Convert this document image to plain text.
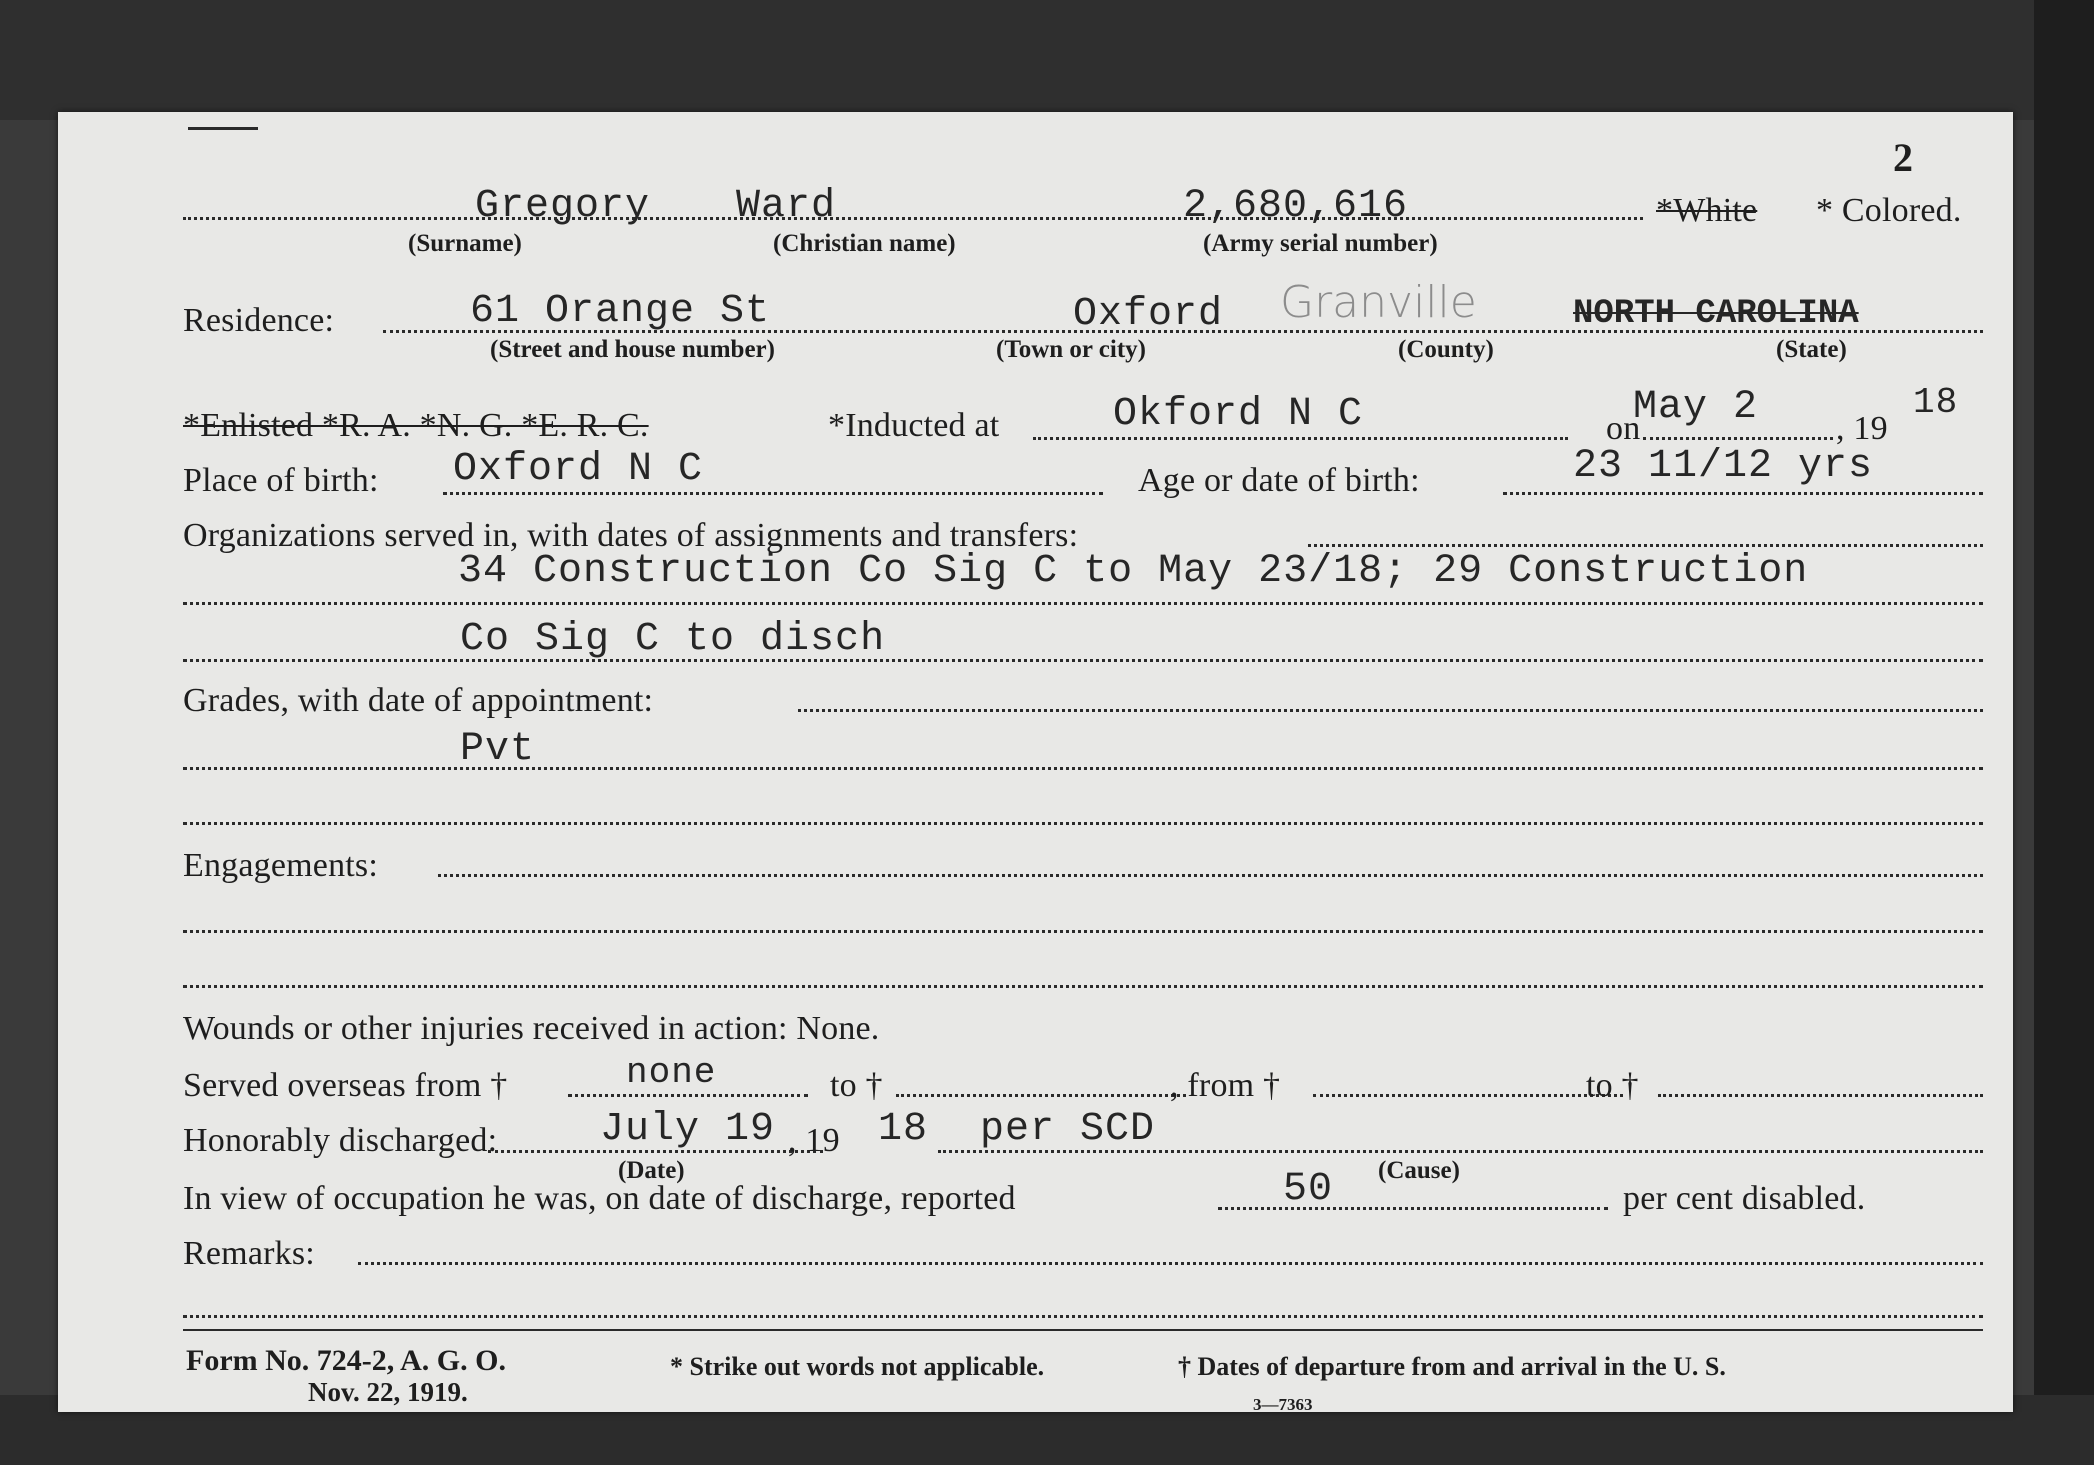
2
Gregory Ward	2,680,616	*White * Colored.
(Surname)	(Christian name)	(Army serial number)
Residence:	61 Orange St	Oxford Granville	NORTH CAROLINA
(Street and house number)	(Town or city)	(County)	(State)
*Enlisted *R. A. *N. G. *E. R. C.	*Inducted at	Okford N C	on
May 2 , 19
18
Place of birth: Oxford N C	Age or date of birth:	23 11/12 yrs
Organizations served in, with dates of assignments and transfers:
34 Construction Co Sig C to May 23/18; 29 Construction
Co Sig C to disch
Grades, with date of appointment:
Pvt
Engagements:
Wounds or other injuries received in action: None.
Served overseas from †	none	to †	, from †	to †
Honorably discharged:	July 19 , 19 18 per SCD
(Date)	(Cause)
In view of occupation he was, on date of discharge, reported	50	per cent disabled.
Remarks:
Form No. 724-2, A. G. O.
Nov. 22, 1919.
* Strike out words not applicable.	† Dates of departure from and arrival in the U. S.
3—7363
